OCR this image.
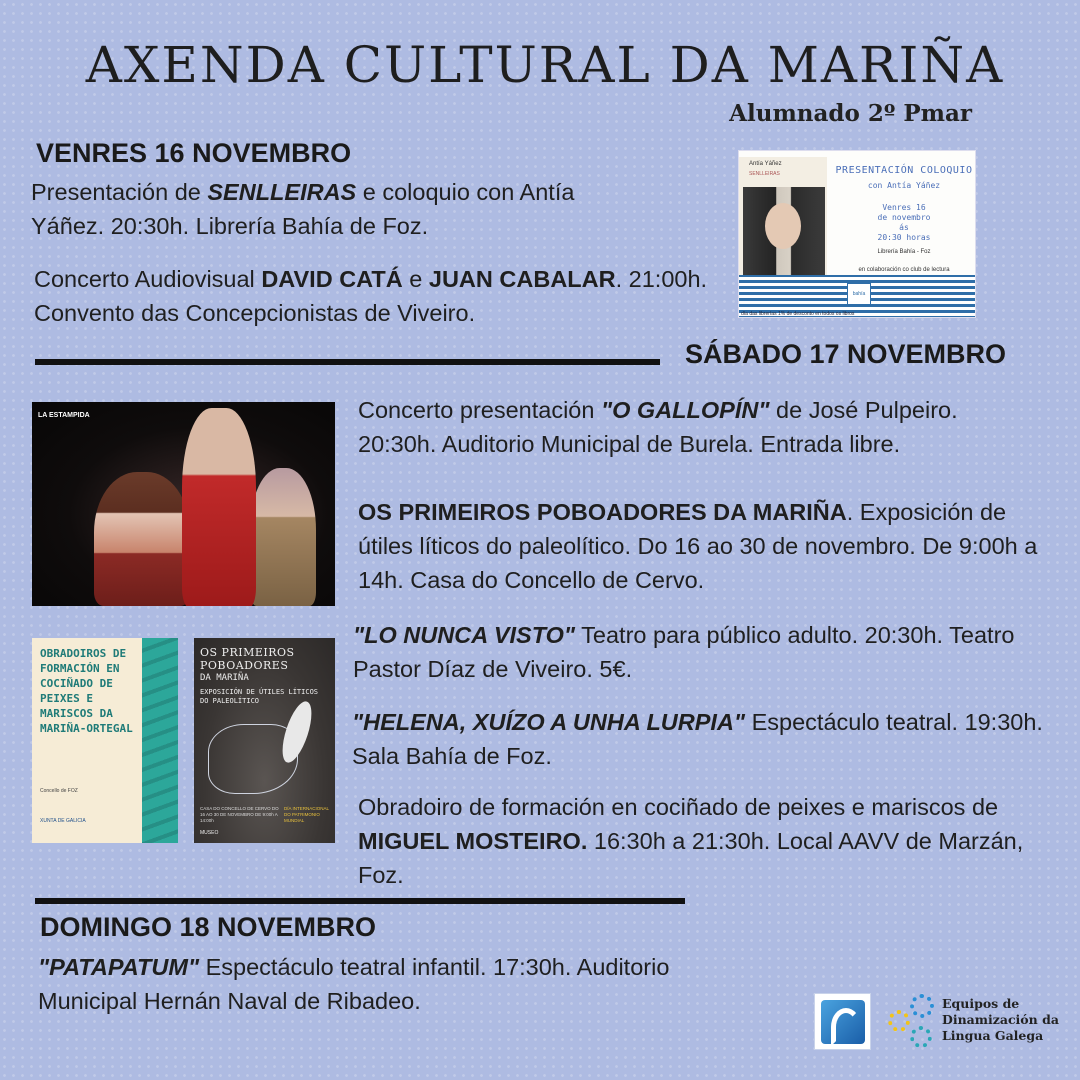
AXENDA CULTURAL DA MARIÑA
Alumnado 2º Pmar
VENRES 16 NOVEMBRO
Presentación de SENLLEIRAS e coloquio con Antía Yáñez. 20:30h. Librería Bahía de Foz.
Concerto Audiovisual DAVID CATÁ e JUAN CABALAR. 21:00h. Convento das Concepcionistas de Viveiro.
Antía Yáñez
SENLLEIRAS	PRESENTACIÓN COLOQUIO
con Antía Yáñez
Venres 16
de novembro
ás
20:30 horas
Librería Bahía - Foz
en colaboración co club de lectura
bahía
día das librerías 1% de desconto en todos os libros
SÁBADO 17 NOVEMBRO
LA ESTAMPIDA	Concerto presentación "O GALLOPÍN" de José Pulpeiro. 20:30h. Auditorio Municipal de Burela. Entrada libre.
OS PRIMEIROS POBOADORES DA MARIÑA. Exposición de útiles líticos do paleolítico. Do 16 ao 30 de novembro. De 9:00h a 14h. Casa do Concello de Cervo.
"LO NUNCA VISTO" Teatro para público adulto. 20:30h. Teatro Pastor Díaz de Viveiro. 5€.
"HELENA, XUÍZO A UNHA LURPIA" Espectáculo teatral. 19:30h. Sala Bahía de Foz.
Obradoiro de formación en cociñado de peixes e mariscos de MIGUEL MOSTEIRO. 16:30h a 21:30h. Local AAVV de Marzán, Foz.
OBRADOIROS DE FORMACIÓN EN COCIÑADO DE PEIXES E MARISCOS DA MARIÑA-ORTEGAL
Concello de FOZ
XUNTA DE GALICIA
OS PRIMEIROS POBOADORES
DA MARIÑA
EXPOSICIÓN DE ÚTILES LÍTICOS DO PALEOLÍTICO
CASA DO CONCELLO DE CERVO DO 16 AO 30 DE NOVEMBRO DE 9:00h A 14:00h
DÍA INTERNACIONAL DO PATRIMONIO MUNDIAL
MUSEO
DOMINGO 18 NOVEMBRO
"PATAPATUM" Espectáculo teatral infantil. 17:30h. Auditorio Municipal Hernán Naval de Ribadeo.	Equipos de Dinamización da Lingua Galega
